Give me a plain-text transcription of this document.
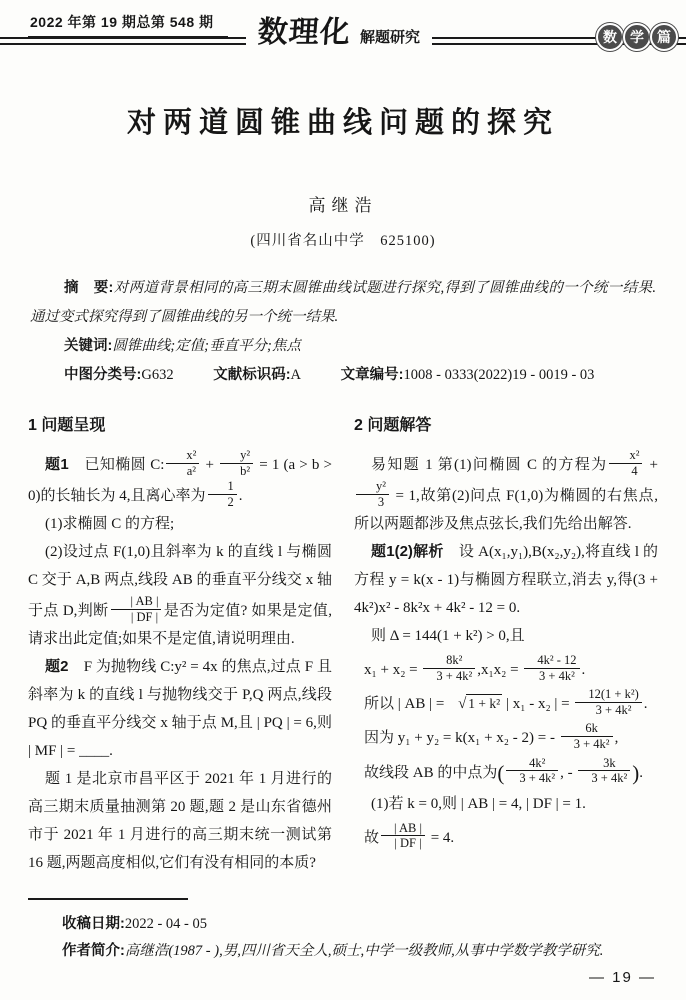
2022 年第 19 期总第 548 期	数理化 解题研究	数 学 篇
对两道圆锥曲线问题的探究
高继浩
(四川省名山中学　625100)

摘　要:对两道背景相同的高三期末圆锥曲线试题进行探究,得到了圆锥曲线的一个统一结果.通过变式探究得到了圆锥曲线的另一个统一结果.

关键词:圆锥曲线;定值;垂直平分;焦点

中图分类号:G632	文献标识码:A	文章编号:1008 - 0333(2022)19 - 0019 - 03

1 问题呈现

题1　已知椭圆 C: $\frac{\text{x²}}{\text{a²}} + \frac{\text{y²}}{\text{b²}} = 1$ (a > b > 0)的长轴长为 4,且离心率为 $\frac{1}{2}$ .

(1)求椭圆 C 的方程;

(2)设过点 F(1,0)且斜率为 k 的直线 l 与椭圆 C 交于 A,B 两点,线段 AB 的垂直平分线交 x 轴于点 D,判断 $\frac{| AB |}{| DF |}$ 是否为定值? 如果是定值,请求出此定值;如果不是定值,请说明理由.

题2　F 为抛物线 C:y² = 4x 的焦点,过点 F 且斜率为 k 的直线 l 与抛物线交于 P,Q 两点,线段 PQ 的垂直平分线交 x 轴于点 M,且 | PQ | = 6,则 | MF | = ____.

题 1 是北京市昌平区于 2021 年 1 月进行的高三期末质量抽测第 20 题,题 2 是山东省德州市于 2021 年 1 月进行的高三期末统一测试第 16 题,两题高度相似,它们有没有相同的本质?

2 问题解答

易知题 1 第(1)问椭圆 C 的方程为 $\frac{\text{x²}}{4}$ +
$\frac{\text{y²}}{3} = 1$,故第(2)问点 F(1,0)为椭圆的右焦点,所以两题都涉及焦点弦长,我们先给出解答.

题1(2)解析　设 A(x₁,y₁),B(x₂,y₂),将直线 l 的方程 y = k(x - 1)与椭圆方程联立,消去 y,得(3 + 4k²)x² - 8k²x + 4k² - 12 = 0.

则 Δ = 144(1 + k²) > 0,且

$x_1 + x_2 = \frac{\text{8k²}}{\text{3 + 4k²}} ,x_1x_2 = \frac{\text{4k² - 12}}{\text{3 + 4k²}}$ .

所以 | AB | = √ 1 + k² | x₁ - x₂ | = $\frac{\text{12(1 + k²)}}{\text{3 + 4k²}}$ .

因为 y₁ + y₂ = k(x₁ + x₂ - 2) = - $\frac{6k}{\text{3 + 4k²}}$ ,

故线段 AB 的中点为( $\frac{\text{4k²}}{\text{3 + 4k²}}$ , - $\frac{3k}{\text{3 + 4k²}}$ ).

(1)若 k = 0,则 | AB | = 4, | DF | = 1.

故 $\frac{| AB |}{| DF |} = 4$.

收稿日期:2022 - 04 - 05

作者简介:高继浩(1987 - ),男,四川省天全人,硕士,中学一级教师,从事中学数学教学研究.

— 19 —
